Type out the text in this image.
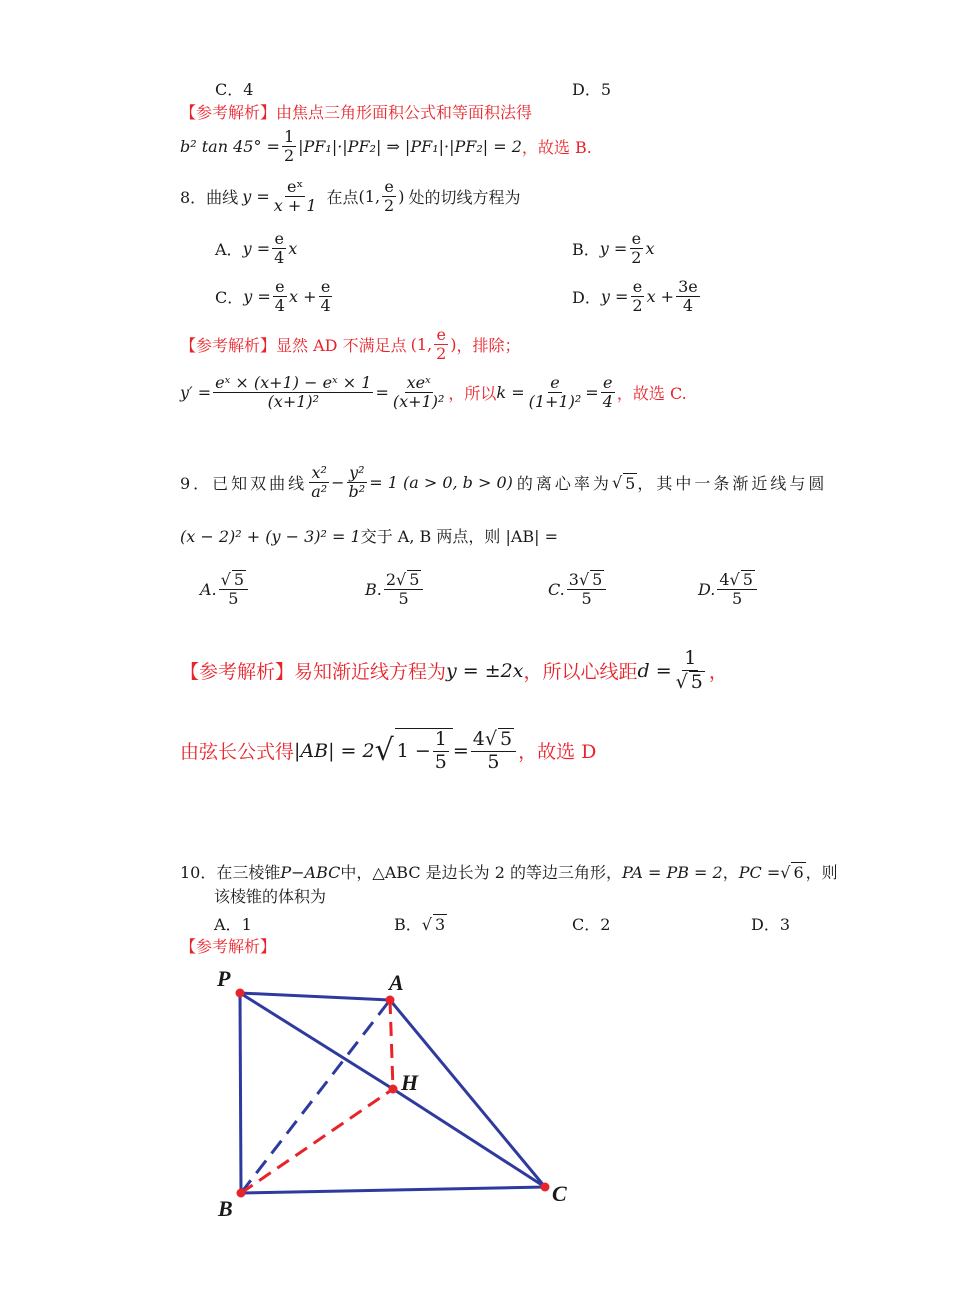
C．4	D．5
【参考解析】由焦点三角形面积公式和等面积法得
b² $\tan 45^\circ = \frac{1}{2} |PF_1|\cdot|PF_2|$ ⇒ |PF₁|·|PF₂| = 2 ，故选 B.
8．曲线 $y = \frac{\text{eˣ}}{x + 1}$ 在点 (1, $\frac{e}{2}$ ) 处的切线方程为
A． $y = \frac{e}{4}$ x	B． $y = \frac{e}{2}$ x
C． $y = \frac{e}{4}$ $x + \frac{e}{4}$	D． $y = \frac{e}{2}$ $x + \frac{3e}{4}$
【参考解析】 显然 AD 不满足点 (1, $\frac{e}{2}$ ) ，排除；
$y' = \frac{\text{eˣ × (x+1) − eˣ × 1}}{\text{(x+1)²}} = \frac{\text{xeˣ}}{\text{(x+1)²}}$ ，所以 $k = \frac{e}{\text{(1+1)²}} = \frac{e}{4}$ ，故选 C.
9．已知双曲线 $\frac{\text{x²}}{\text{a²}} - \frac{\text{y²}}{\text{b²}} = 1$ (a > 0, b > 0) 的离心率为 √ 5 ，其中一条渐近线与圆
(x − 2)² + (y − 3)² = 1交于 A, B 两点，则 |AB| =
A. $\frac{√ 5}{5}$	B. $\frac{2√ 5}{5}$	C. $\frac{3√ 5}{5}$	D. $\frac{4√ 5}{5}$
【参考解析】 易知渐近线方程为 y = ±2x ，所以心线距 $d = \frac{1}{√ 5}$ ，
由弦长公式得 |AB| = 2 √ $1 - \frac{1}{5} = \frac{4√ 5}{5}$ ，故选 D
10．在三棱锥P−ABC中，△ABC 是边长为 2 的等边三角形，PA = PB = 2，PC =√ 6 ，则
该棱锥的体积为
A．1	B．√ 3	C．2	D．3
【参考解析】
P	A
H
B
C
